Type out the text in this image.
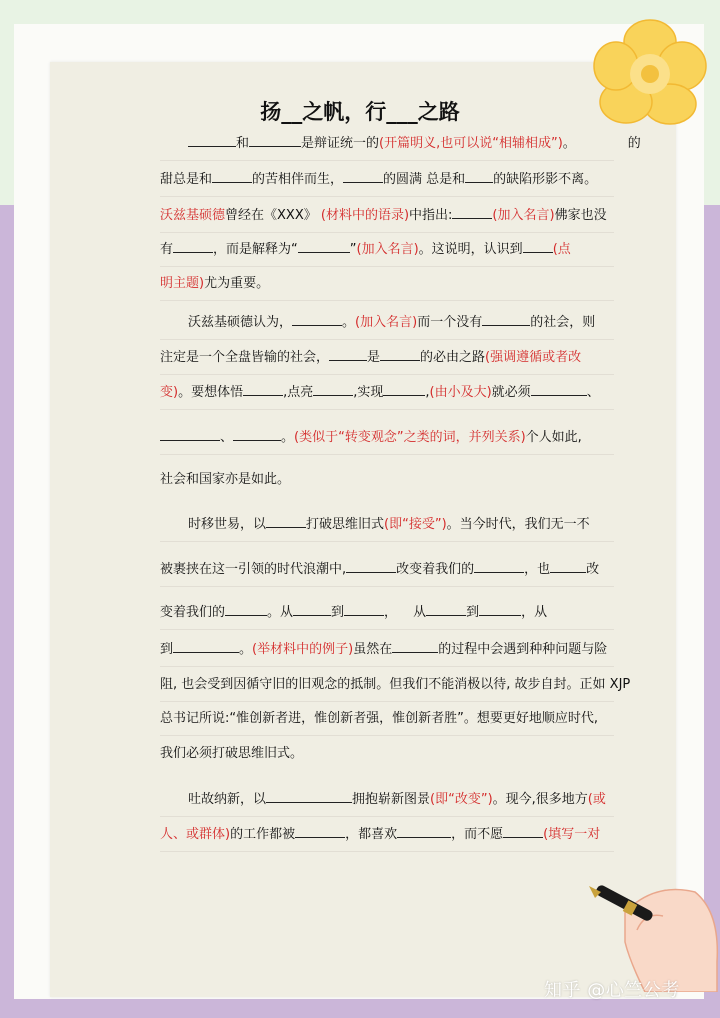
扬__之帆，行___之路
和	是辩证统一的(开篇明义,也可以说“相辅相成”)。	的
甜总是和	的苦相伴而生，	的圆满 总是和 的缺陷形影不离。
沃兹基硕德曾经在《XXX》 (材料中的语录)中指出:	(加入名言)佛家也没
有	，而是解释为“	”(加入名言)。这说明，认识到 (点
明主题)尤为重要。
沃兹基硕德认为，	。(加入名言)而一个没有	的社会，则
注定是一个全盘皆输的社会，	是	的必由之路(强调遵循或者改
变)。要想体悟	,点亮	,实现	,(由小及大)就必须	、
、	。(类似于“转变观念”之类的词，并列关系)个人如此,
社会和国家亦是如此。
时移世易，以	打破思维旧式(即“接受”)。当今时代，我们无一不
被裹挟在这一引领的时代浪潮中,	改变着我们的	，也	改
变着我们的	。从	到	， 从	到	，从
到	。(举材料中的例子)虽然在	的过程中会遇到种种问题与险
阻, 也会受到因循守旧的旧观念的抵制。但我们不能消极以待, 故步自封。正如 XJP
总书记所说:“惟创新者进，惟创新者强，惟创新者胜”。想要更好地顺应时代,
我们必须打破思维旧式。
吐故纳新，以	拥抱崭新图景(即“改变”)。现今,很多地方(或
人、或群体)的工作都被	，都喜欢	，而不愿	(填写一对
知乎 @心竺公考
